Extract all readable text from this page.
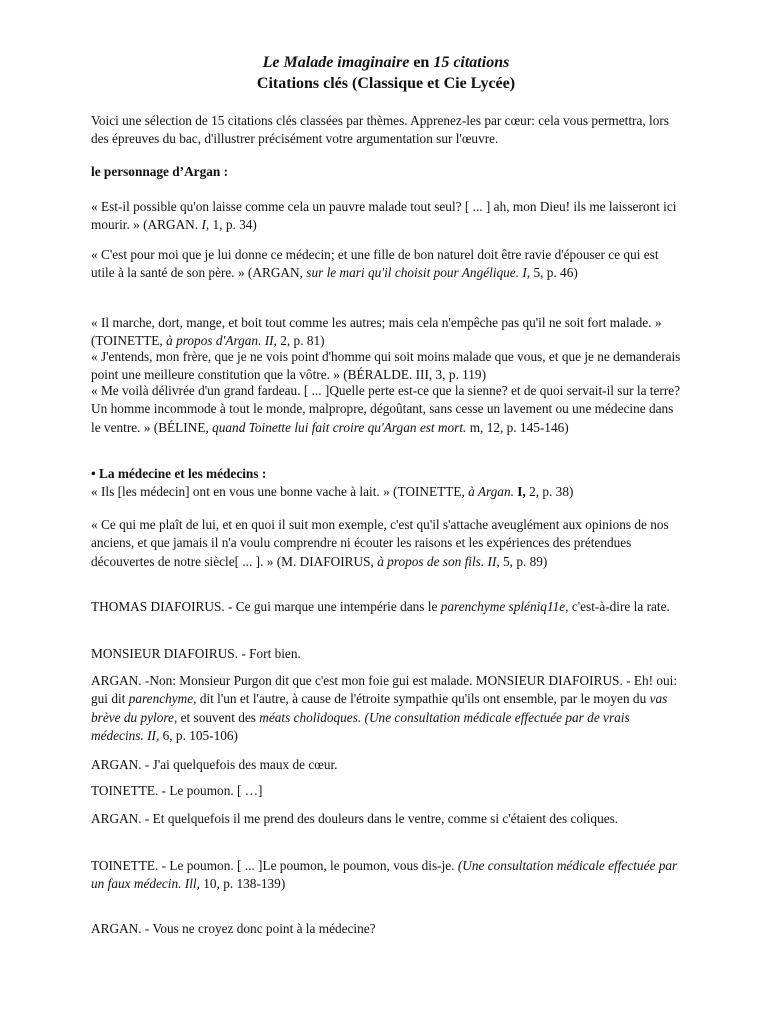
Le Malade imaginaire en 15 citations
Citations clés (Classique et Cie Lycée)

Voici une sélection de 15 citations clés classées par thèmes. Apprenez-les par cœur: cela vous permettra, lors des épreuves du bac, d'illustrer précisément votre argumentation sur l'œuvre.

le personnage d’Argan :

« Est-il possible qu'on laisse comme cela un pauvre malade tout seul? [ ... ] ah, mon Dieu! ils me laisseront ici mourir. » (ARGAN. I, 1, p. 34)

« C'est pour moi que je lui donne ce médecin; et une fille de bon naturel doit être ravie d'épouser ce qui est utile à la santé de son père. » (ARGAN, sur le mari qu'il choisit pour Angélique. I, 5, p. 46)

« Il marche, dort, mange, et boit tout comme les autres; mais cela n'empêche pas qu'il ne soit fort malade. » (TOINETTE, à propos d'Argan. II, 2, p. 81)

« J'entends, mon frère, que je ne vois point d'homme qui soit moins malade que vous, et que je ne demanderais point une meilleure constitution que la vôtre. » (BÉRALDE. III, 3, p. 119)

« Me voilà délivrée d'un grand fardeau. [ ... ]Quelle perte est-ce que la sienne? et de quoi servait-il sur la terre? Un homme incommode à tout le monde, malpropre, dégoûtant, sans cesse un lavement ou une médecine dans le ventre. » (BÉLINE, quand Toinette lui fait croire qu'Argan est mort. m, 12, p. 145-146)

• La médecine et les médecins :

« Ils [les médecin] ont en vous une bonne vache à lait. » (TOINETTE, à Argan. I, 2, p. 38)

« Ce qui me plaît de lui, et en quoi il suit mon exemple, c'est qu'il s'attache aveuglément aux opinions de nos anciens, et que jamais il n'a voulu comprendre ni écouter les raisons et les expériences des prétendues découvertes de notre siècle[ ... ]. » (M. DIAFOIRUS, à propos de son fils. II, 5, p. 89)

THOMAS DIAFOIRUS. - Ce gui marque une intempérie dans le parenchyme spléniq11e, c'est-à-dire la rate.

MONSIEUR DIAFOIRUS. - Fort bien.

ARGAN. -Non: Monsieur Purgon dit que c'est mon foie gui est malade. MONSIEUR DIAFOIRUS. - Eh! oui: gui dit parenchyme, dit l'un et l'autre, à cause de l'étroite sympathie qu'ils ont ensemble, par le moyen du vas brève du pylore, et souvent des méats cholidoques. (Une consultation médicale effectuée par de vrais médecins. II, 6, p. 105-106)

ARGAN. - J'ai quelquefois des maux de cœur.

TOINETTE. - Le poumon. [ …]

ARGAN. - Et quelquefois il me prend des douleurs dans le ventre, comme si c'étaient des coliques.

TOINETTE. - Le poumon. [ ... ]Le poumon, le poumon, vous dis-je. (Une consultation médicale effectuée par un faux médecin. Ill, 10, p. 138-139)

ARGAN. - Vous ne croyez donc point à la médecine?
